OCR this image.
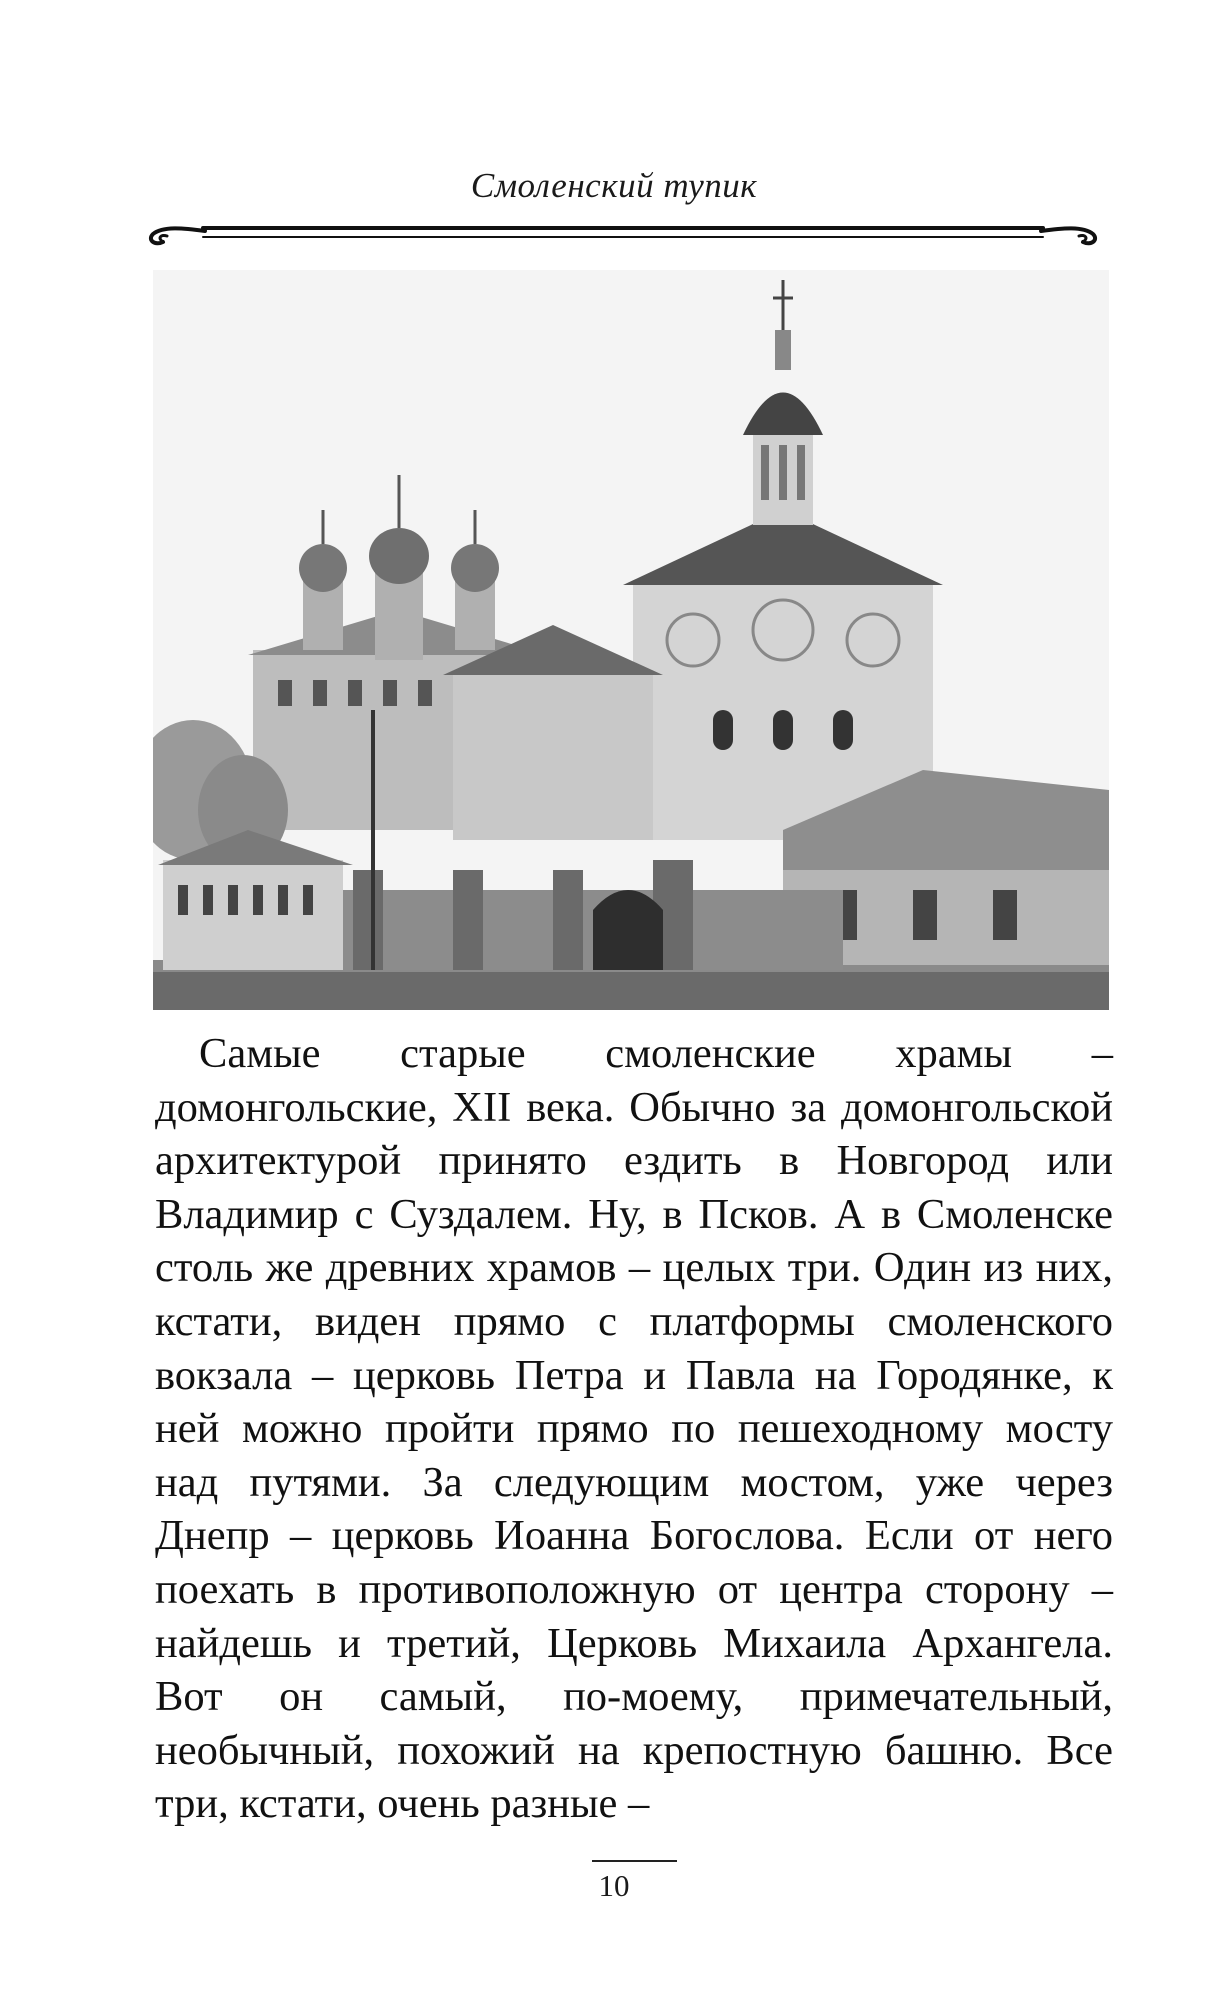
Смоленский тупик

Самые старые смоленские храмы – домонгольские, XII века. Обычно за домонгольской архитектурой принято ездить в Новгород или Владимир с Суздалем. Ну, в Псков. А в Смоленске столь же древних храмов – целых три. Один из них, кстати, виден прямо с платформы смоленского вокзала – церковь Петра и Павла на Городянке, к ней можно пройти прямо по пешеходному мосту над путями. За следующим мостом, уже через Днепр – церковь Иоанна Богослова. Если от него поехать в противоположную от центра сторону – найдешь и третий, Церковь Михаила Архангела. Вот он самый, по-моему, примечательный, необычный, похожий на крепостную башню. Все три, кстати, очень разные –

10
